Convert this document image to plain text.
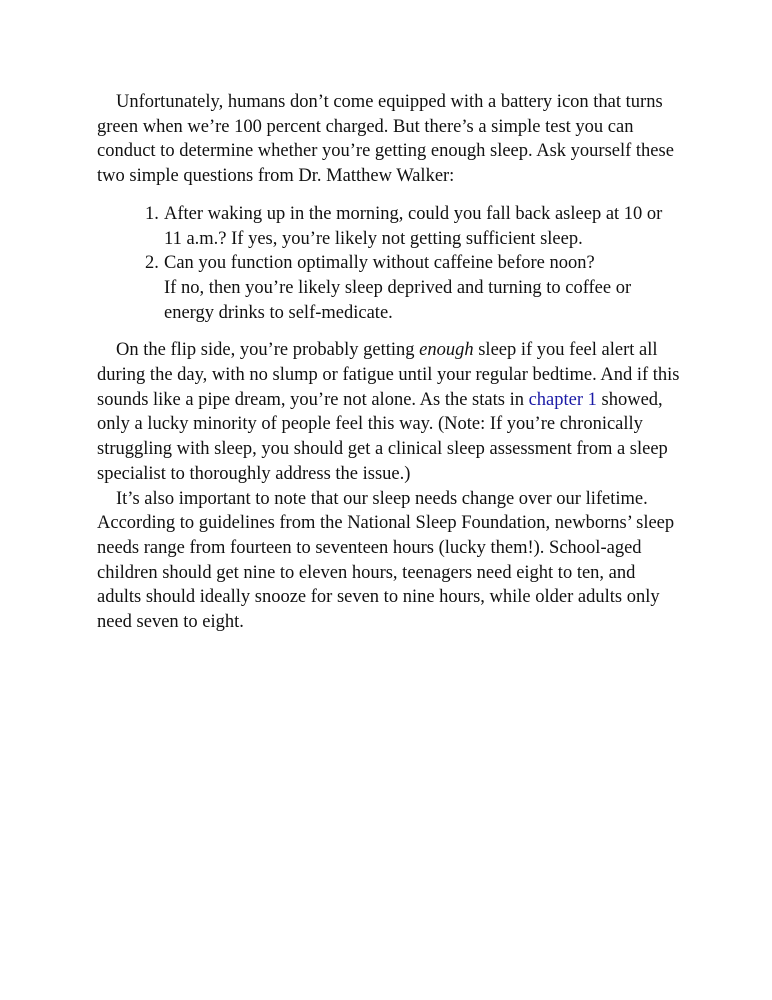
Unfortunately, humans don’t come equipped with a battery icon that turns green when we’re 100 percent charged. But there’s a simple test you can conduct to determine whether you’re getting enough sleep. Ask yourself these two simple questions from Dr. Matthew Walker:

1. After waking up in the morning, could you fall back asleep at 10 or 11 a.m.? If yes, you’re likely not getting sufficient sleep.
2. Can you function optimally without caffeine before noon?
If no, then you’re likely sleep deprived and turning to coffee or energy drinks to self-medicate.

On the flip side, you’re probably getting enough sleep if you feel alert all during the day, with no slump or fatigue until your regular bedtime. And if this sounds like a pipe dream, you’re not alone. As the stats in chapter 1 showed, only a lucky minority of people feel this way. (Note: If you’re chronically struggling with sleep, you should get a clinical sleep assessment from a sleep specialist to thoroughly address the issue.)

It’s also important to note that our sleep needs change over our lifetime. According to guidelines from the National Sleep Foundation, newborns’ sleep needs range from fourteen to seventeen hours (lucky them!). School-aged children should get nine to eleven hours, teenagers need eight to ten, and adults should ideally snooze for seven to nine hours, while older adults only need seven to eight.
